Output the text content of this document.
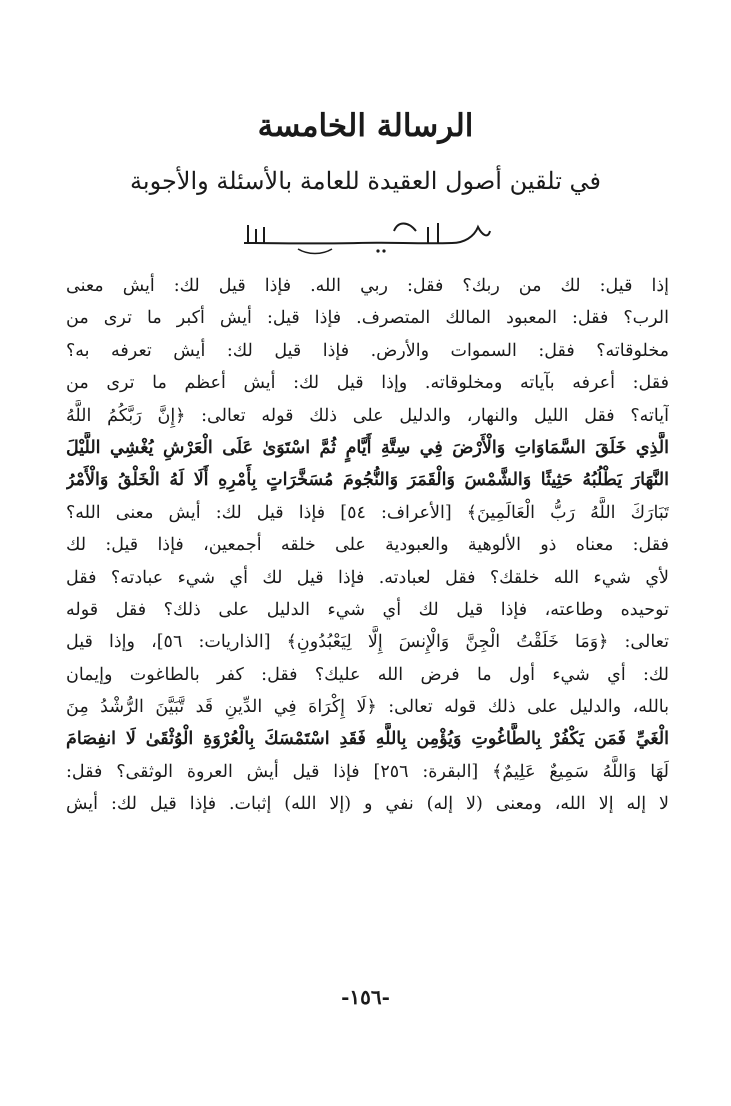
الرسالة الخامسة
في تلقين أصول العقيدة للعامة بالأسئلة والأجوبة
إذا قيل: لك من ربك؟ فقل: ربي الله. فإذا قيل لك: أيش معنى
الرب؟ فقل: المعبود المالك المتصرف. فإذا قيل: أيش أكبر ما ترى من
مخلوقاته؟ فقل: السموات والأرض. فإذا قيل لك: أيش تعرفه به؟
فقل: أعرفه بآياته ومخلوقاته. وإذا قيل لك: أيش أعظم ما ترى من
آياته؟ فقل الليل والنهار، والدليل على ذلك قوله تعالى: ﴿إِنَّ رَبَّكُمُ اللَّهُ
الَّذِي خَلَقَ السَّمَاوَاتِ وَالْأَرْضَ فِي سِتَّةِ أَيَّامٍ ثُمَّ اسْتَوَىٰ عَلَى الْعَرْشِ يُغْشِي اللَّيْلَ
النَّهَارَ يَطْلُبُهُ حَثِيثًا وَالشَّمْسَ وَالْقَمَرَ وَالنُّجُومَ مُسَخَّرَاتٍ بِأَمْرِهِ أَلَا لَهُ الْخَلْقُ وَالْأَمْرُ
تَبَارَكَ اللَّهُ رَبُّ الْعَالَمِينَ﴾ [الأعراف: ٥٤] فإذا قيل لك: أيش معنى الله؟
فقل: معناه ذو الألوهية والعبودية على خلقه أجمعين، فإذا قيل: لك
لأي شيء الله خلقك؟ فقل لعبادته. فإذا قيل لك أي شيء عبادته؟ فقل
توحيده وطاعته، فإذا قيل لك أي شيء الدليل على ذلك؟ فقل قوله
تعالى: ﴿وَمَا خَلَقْتُ الْجِنَّ وَالْإِنسَ إِلَّا لِيَعْبُدُونِ﴾ [الذاريات: ٥٦]، وإذا قيل
لك: أي شيء أول ما فرض الله عليك؟ فقل: كفر بالطاغوت وإيمان
بالله، والدليل على ذلك قوله تعالى: ﴿لَا إِكْرَاهَ فِي الدِّينِ قَد تَّبَيَّنَ الرُّشْدُ مِنَ
الْغَيِّ فَمَن يَكْفُرْ بِالطَّاغُوتِ وَيُؤْمِن بِاللَّهِ فَقَدِ اسْتَمْسَكَ بِالْعُرْوَةِ الْوُثْقَىٰ لَا انفِصَامَ
لَهَا وَاللَّهُ سَمِيعٌ عَلِيمٌ﴾ [البقرة: ٢٥٦] فإذا قيل أيش العروة الوثقى؟ فقل:
لا إله إلا الله، ومعنى (لا إله) نفي و (إلا الله) إثبات. فإذا قيل لك: أيش
-١٥٦-
